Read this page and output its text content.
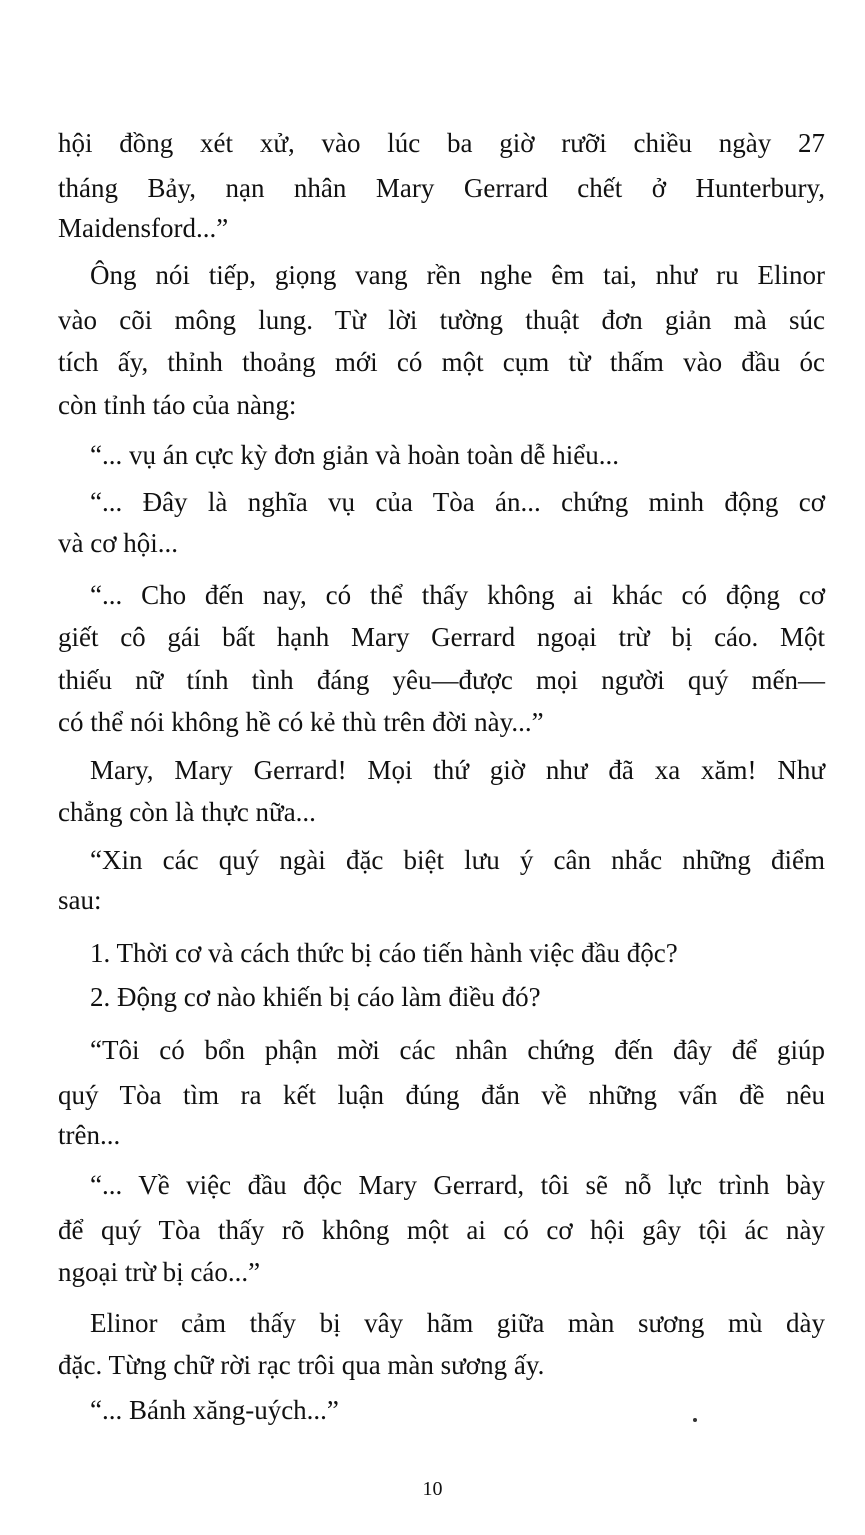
hội đồng xét xử, vào lúc ba giờ rưỡi chiều ngày 27
tháng Bảy, nạn nhân Mary Gerrard chết ở Hunterbury,
Maidensford...”
Ông nói tiếp, giọng vang rền nghe êm tai, như ru Elinor
vào cõi mông lung. Từ lời tường thuật đơn giản mà súc
tích ấy, thỉnh thoảng mới có một cụm từ thấm vào đầu óc
còn tỉnh táo của nàng:
“... vụ án cực kỳ đơn giản và hoàn toàn dễ hiểu...
“... Đây là nghĩa vụ của Tòa án... chứng minh động cơ
và cơ hội...
“... Cho đến nay, có thể thấy không ai khác có động cơ
giết cô gái bất hạnh Mary Gerrard ngoại trừ bị cáo. Một
thiếu nữ tính tình đáng yêu—được mọi người quý mến—
có thể nói không hề có kẻ thù trên đời này...”
Mary, Mary Gerrard! Mọi thứ giờ như đã xa xăm! Như
chẳng còn là thực nữa...
“Xin các quý ngài đặc biệt lưu ý cân nhắc những điểm
sau:
1. Thời cơ và cách thức bị cáo tiến hành việc đầu độc?
2. Động cơ nào khiến bị cáo làm điều đó?
“Tôi có bổn phận mời các nhân chứng đến đây để giúp
quý Tòa tìm ra kết luận đúng đắn về những vấn đề nêu
trên...
“... Về việc đầu độc Mary Gerrard, tôi sẽ nỗ lực trình bày
để quý Tòa thấy rõ không một ai có cơ hội gây tội ác này
ngoại trừ bị cáo...”
Elinor cảm thấy bị vây hãm giữa màn sương mù dày
đặc. Từng chữ rời rạc trôi qua màn sương ấy.
“... Bánh xăng-uých...”
10
